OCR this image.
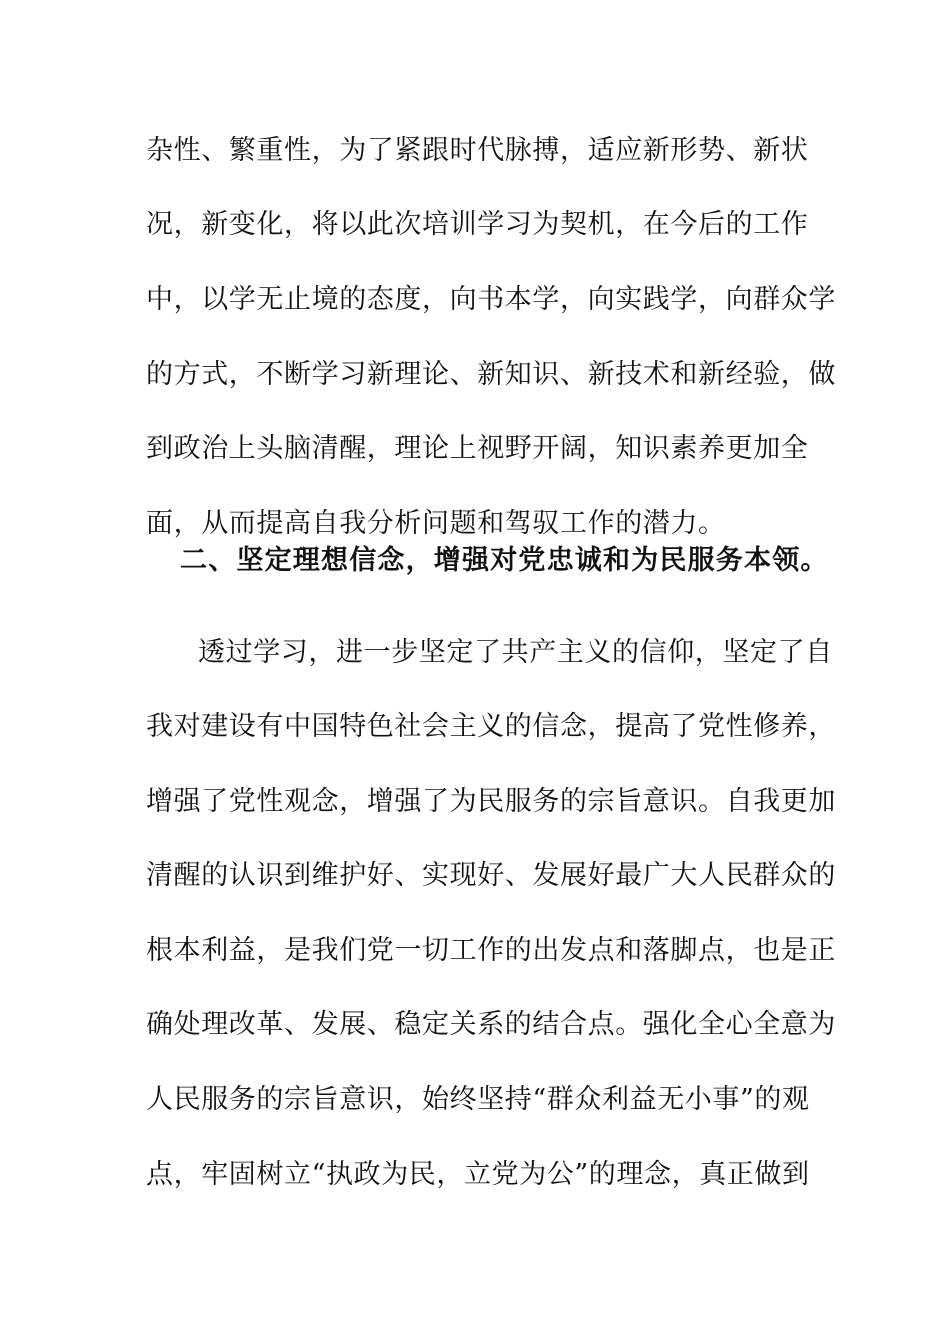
杂性、繁重性，为了紧跟时代脉搏，适应新形势、新状
况，新变化，将以此次培训学习为契机，在今后的工作
中，以学无止境的态度，向书本学，向实践学，向群众学
的方式，不断学习新理论、新知识、新技术和新经验，做
到政治上头脑清醒，理论上视野开阔，知识素养更加全
面，从而提高自我分析问题和驾驭工作的潜力。
二、坚定理想信念，增强对党忠诚和为民服务本领。
透过学习，进一步坚定了共产主义的信仰，坚定了自
我对建设有中国特色社会主义的信念，提高了党性修养，
增强了党性观念，增强了为民服务的宗旨意识。自我更加
清醒的认识到维护好、实现好、发展好最广大人民群众的
根本利益，是我们党一切工作的出发点和落脚点，也是正
确处理改革、发展、稳定关系的结合点。强化全心全意为
人民服务的宗旨意识，始终坚持“群众利益无小事”的观
点，牢固树立“执政为民，立党为公”的理念，真正做到
